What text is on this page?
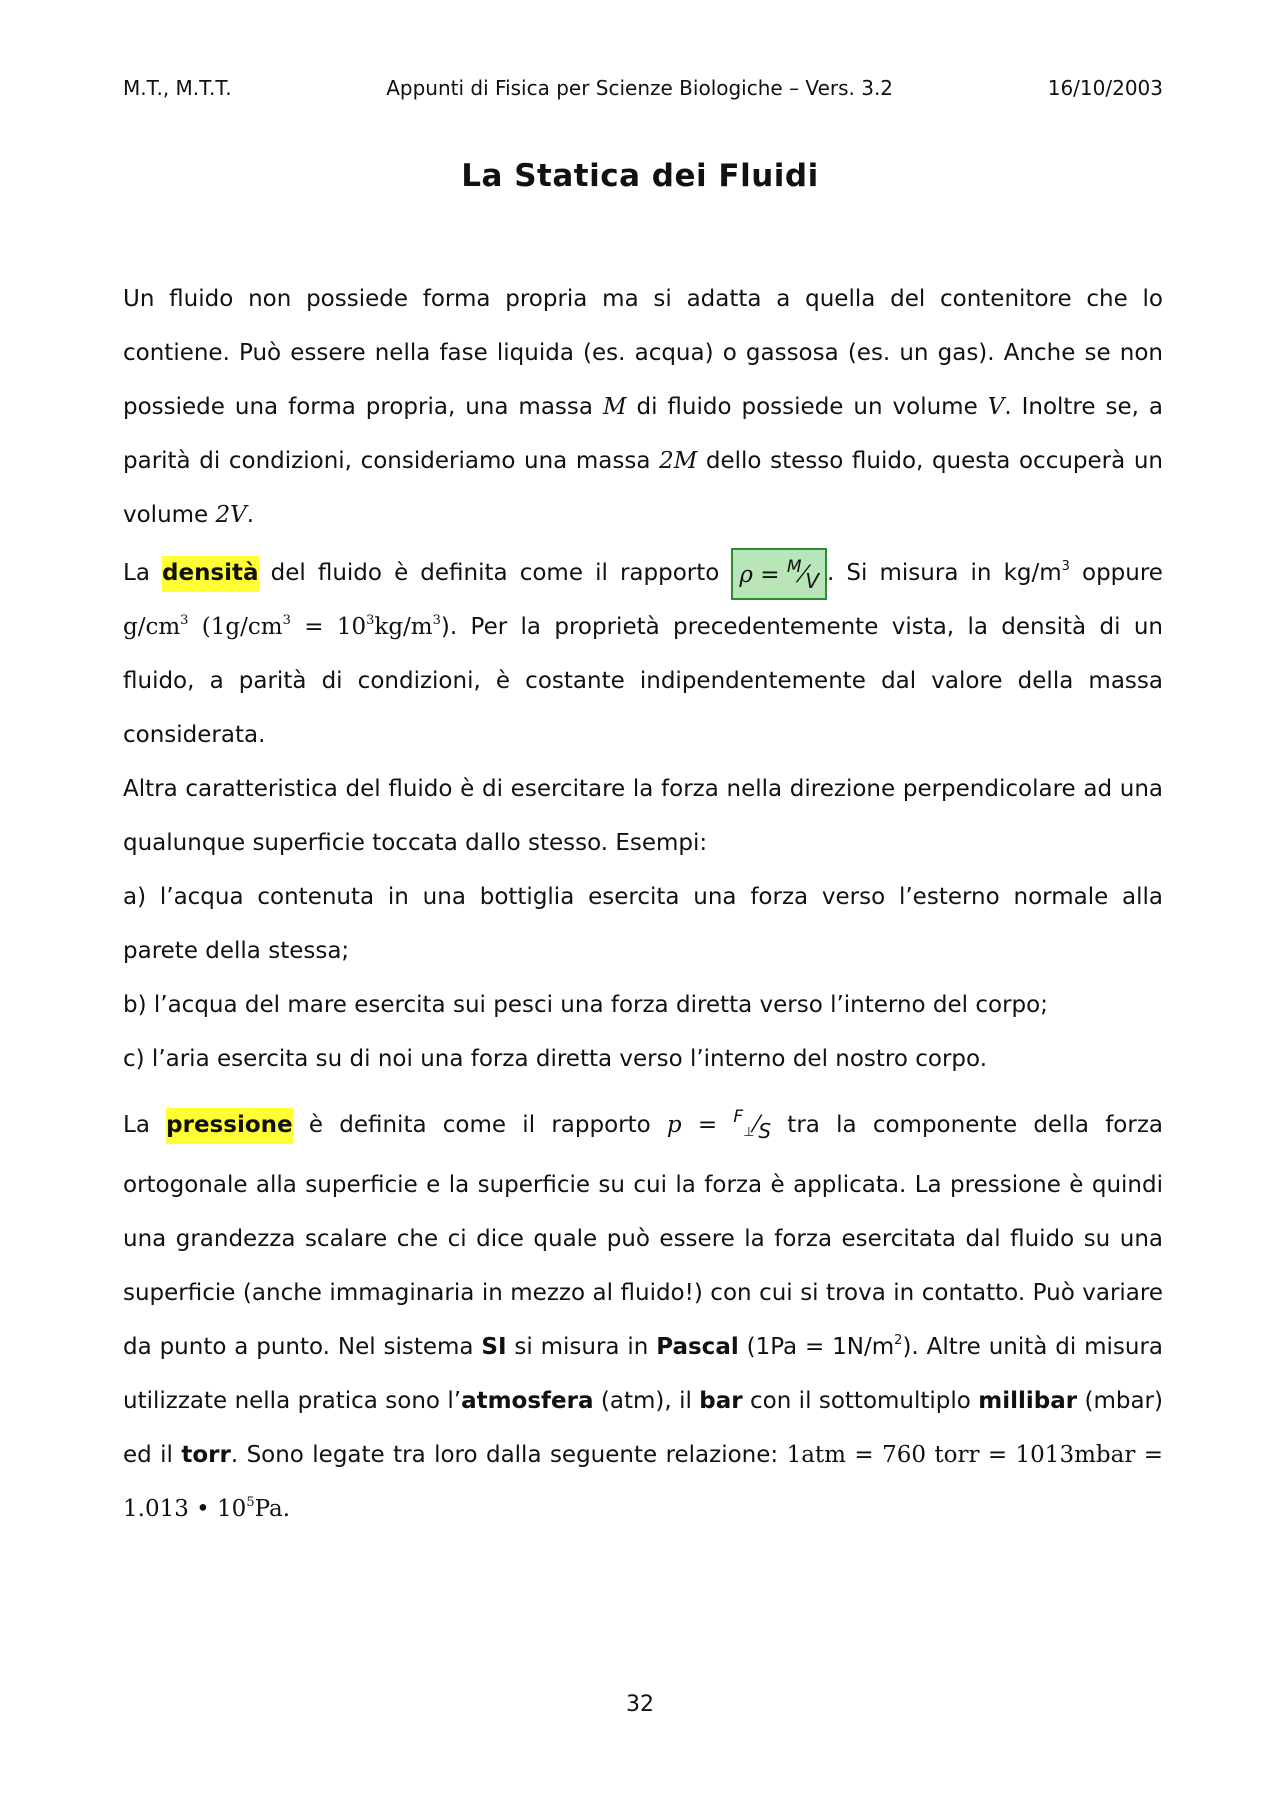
M.T., M.T.T.	Appunti di Fisica per Scienze Biologiche – Vers. 3.2	16/10/2003
La Statica dei Fluidi

Un fluido non possiede forma propria ma si adatta a quella del contenitore che lo contiene. Può essere nella fase liquida (es. acqua) o gassosa (es. un gas). Anche se non possiede una forma propria, una massa M di fluido possiede un volume V. Inoltre se, a parità di condizioni, consideriamo una massa 2M dello stesso fluido, questa occuperà un volume 2V.

La densità del fluido è definita come il rapporto ρ = $^M$⁄V . Si misura in $kg/m^3$ oppure $g/cm^3$ $(1g/cm^3 = 10^3kg/m^3)$. Per la proprietà precedentemente vista, la densità di un fluido, a parità di condizioni, è costante indipendentemente dal valore della massa considerata.

Altra caratteristica del fluido è di esercitare la forza nella direzione perpendicolare ad una qualunque superficie toccata dallo stesso. Esempi:

a) l’acqua contenuta in una bottiglia esercita una forza verso l’esterno normale alla parete della stessa;

b) l’acqua del mare esercita sui pesci una forza diretta verso l’interno del corpo;

c) l’aria esercita su di noi una forza diretta verso l’interno del nostro corpo.

La pressione è definita come il rapporto p = $^F_\perp$⁄S tra la componente della forza ortogonale alla superficie e la superficie su cui la forza è applicata. La pressione è quindi una grandezza scalare che ci dice quale può essere la forza esercitata dal fluido su una superficie (anche immaginaria in mezzo al fluido!) con cui si trova in contatto. Può variare da punto a punto. Nel sistema SI si misura in Pascal $(1Pa = 1N/m^2)$. Altre unità di misura utilizzate nella pratica sono l’atmosfera (atm), il bar con il sottomultiplo millibar (mbar) ed il torr. Sono legate tra loro dalla seguente relazione: 1atm = 760 torr = 1013mbar = 1.013 • $10^5Pa$.

32
